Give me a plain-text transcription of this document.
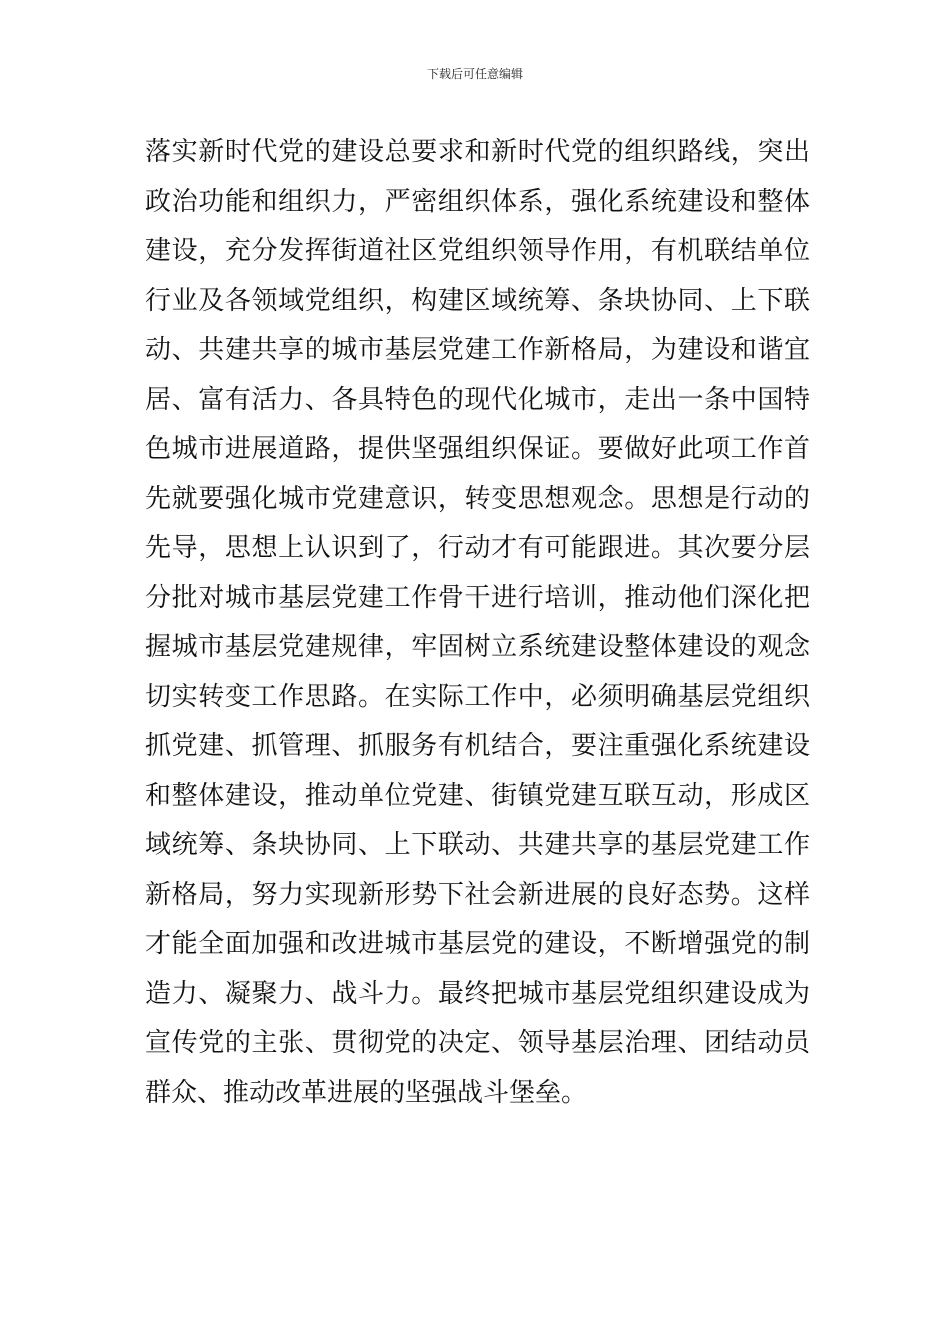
下载后可任意编辑
落实新时代党的建设总要求和新时代党的组织路线，突出
政治功能和组织力，严密组织体系，强化系统建设和整体
建设，充分发挥街道社区党组织领导作用，有机联结单位
行业及各领域党组织，构建区域统筹、条块协同、上下联
动、共建共享的城市基层党建工作新格局，为建设和谐宜
居、富有活力、各具特色的现代化城市，走出一条中国特
色城市进展道路，提供坚强组织保证。要做好此项工作首
先就要强化城市党建意识，转变思想观念。思想是行动的
先导，思想上认识到了，行动才有可能跟进。其次要分层
分批对城市基层党建工作骨干进行培训，推动他们深化把
握城市基层党建规律，牢固树立系统建设整体建设的观念
切实转变工作思路。在实际工作中，必须明确基层党组织
抓党建、抓管理、抓服务有机结合，要注重强化系统建设
和整体建设，推动单位党建、街镇党建互联互动，形成区
域统筹、条块协同、上下联动、共建共享的基层党建工作
新格局，努力实现新形势下社会新进展的良好态势。这样
才能全面加强和改进城市基层党的建设，不断增强党的制
造力、凝聚力、战斗力。最终把城市基层党组织建设成为
宣传党的主张、贯彻党的决定、领导基层治理、团结动员
群众、推动改革进展的坚强战斗堡垒。
